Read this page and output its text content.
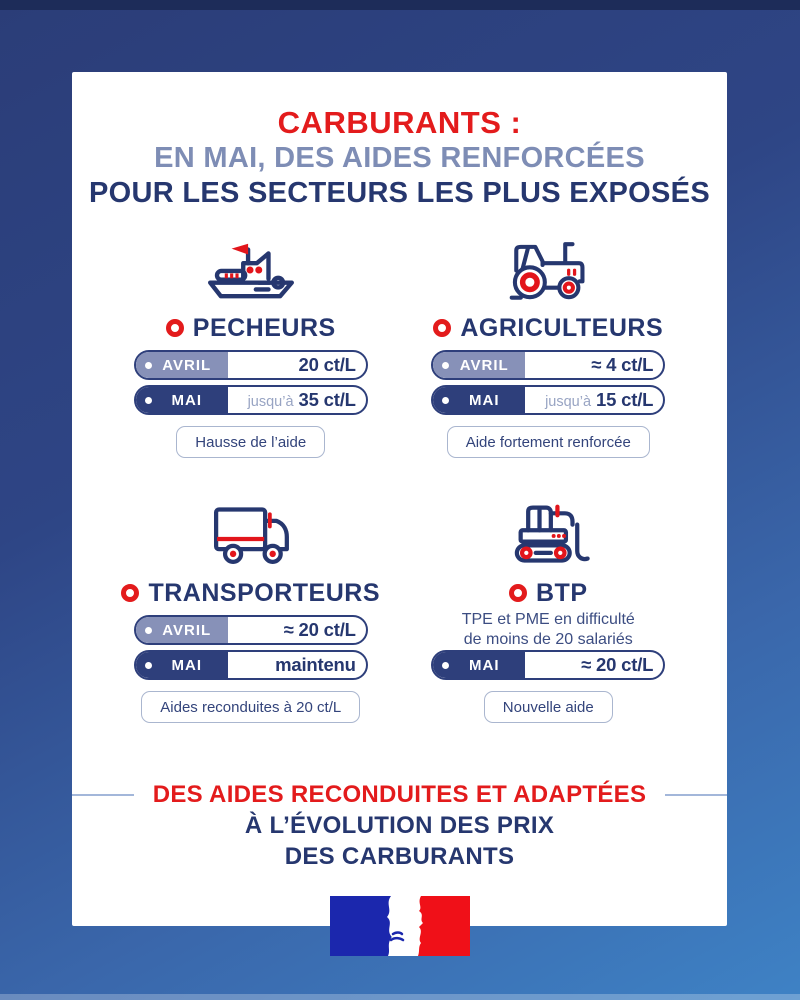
CARBURANTS :
EN MAI, DES AIDES RENFORCÉES
POUR LES SECTEURS LES PLUS EXPOSÉS
PECHEURS
AVRIL	20 ct/L
MAI	jusqu’à 35 ct/L
Hausse de l’aide
AGRICULTEURS
AVRIL	≈ 4 ct/L
MAI	jusqu’à 15 ct/L
Aide fortement renforcée
TRANSPORTEURS
AVRIL	≈ 20 ct/L
MAI	maintenu
Aides reconduites à 20 ct/L
BTP
TPE et PME en difficulté
de moins de 20 salariés
MAI	≈ 20 ct/L
Nouvelle aide
DES AIDES RECONDUITES ET ADAPTÉES
À L’ÉVOLUTION DES PRIX
DES CARBURANTS
